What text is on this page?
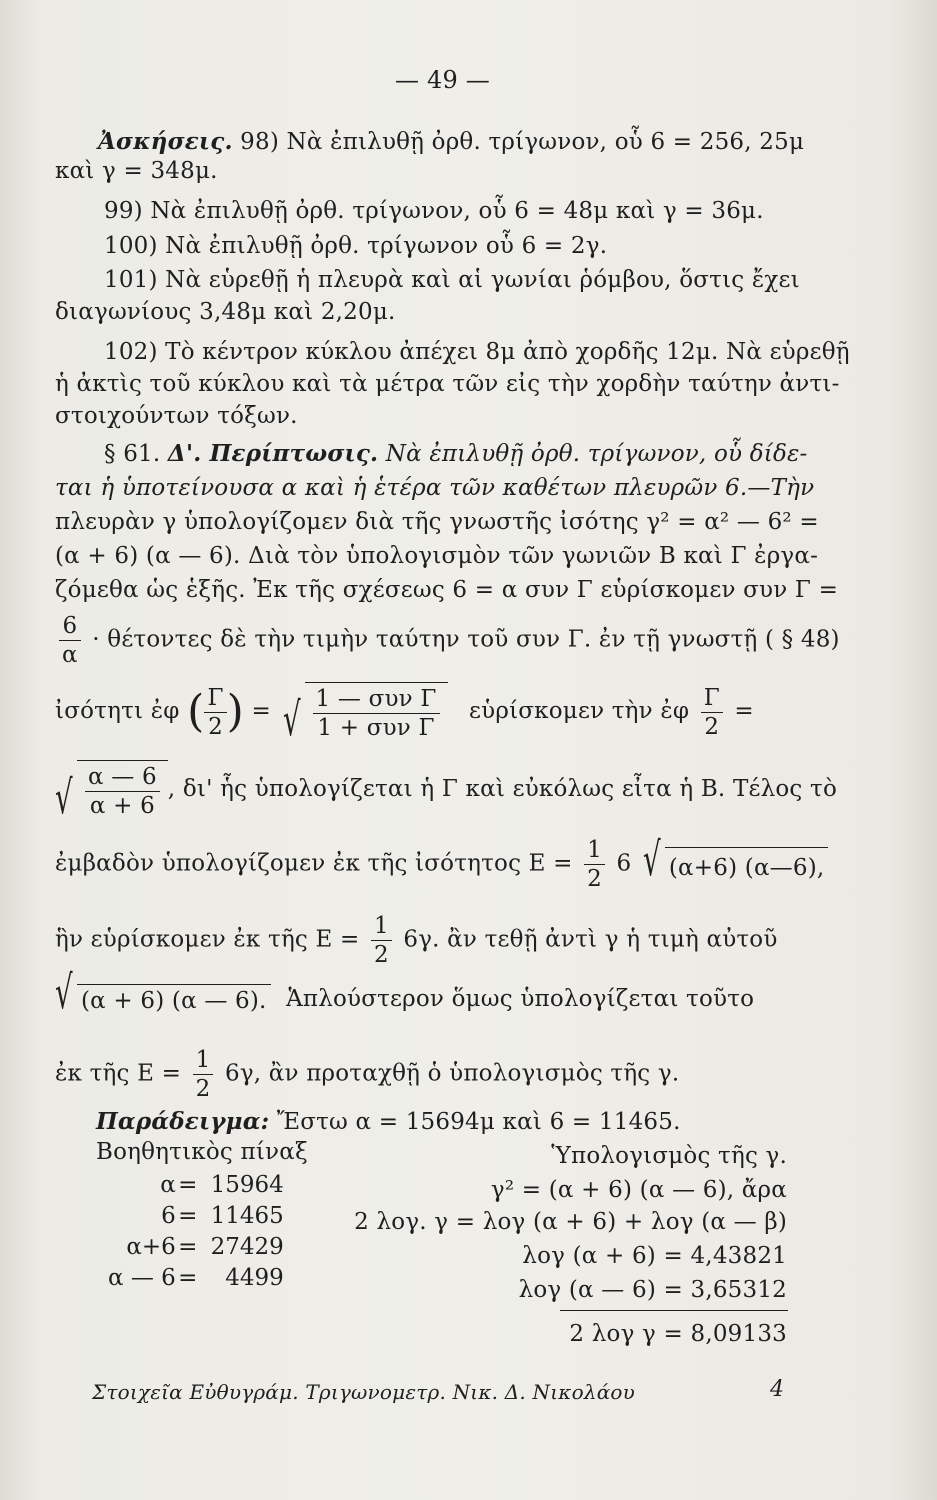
— 49 —
Ἀσκήσεις. 98) Νὰ ἐπιλυθῇ ὀρθ. τρίγωνον, οὗ 6 = 256, 25μ
καὶ γ = 348μ.
99) Νὰ ἐπιλυθῇ ὀρθ. τρίγωνον, οὗ 6 = 48μ καὶ γ = 36μ.
100) Νὰ ἐπιλυθῇ ὀρθ. τρίγωνον οὗ 6 = 2γ.
101) Νὰ εὑρεθῇ ἡ πλευρὰ καὶ αἱ γωνίαι ῥόμβου, ὅστις ἔχει
διαγωνίους 3,48μ καὶ 2,20μ.
102) Τὸ κέντρον κύκλου ἀπέχει 8μ ἀπὸ χορδῆς 12μ. Νὰ εὑρεθῇ
ἡ ἀκτὶς τοῦ κύκλου καὶ τὰ μέτρα τῶν εἰς τὴν χορδὴν ταύτην ἀντι-
στοιχούντων τόξων.
§ 61. Δ'. Περίπτωσις. Νὰ ἐπιλυθῇ ὀρθ. τρίγωνον, οὗ δίδε-
ται ἡ ὑποτείνουσα α καὶ ἡ ἑτέρα τῶν καθέτων πλευρῶν 6.—Τὴν
πλευρὰν γ ὑπολογίζομεν διὰ τῆς γνωστῆς ἰσότης γ² = α² — 6² =
(α + 6) (α — 6). Διὰ τὸν ὑπολογισμὸν τῶν γωνιῶν Β καὶ Γ ἐργα-
ζόμεθα ὡς ἑξῆς. Ἐκ τῆς σχέσεως 6 = α συν Γ εὑρίσκομεν συν Γ =
$\frac{6}{\alpha} \cdot \theta έ\tau o\nu\tau\varepsilon\varsigma$ δὲ τὴν τιμὴν ταύτην τοῦ συν Γ. ἐν τῇ γνωστῇ ( § 48)
ἰσότητι ἐφ ( $\frac{\Gamma}{2}$ ) = √ $\frac{\text{1 — συν Γ}}{\text{1 + συν Γ}}$ εὑρίσκομεν τὴν ἐφ $\frac{\Gamma}{2}$ =
√ $\frac{\alpha — 6}{\alpha + 6}$ , δι' ἧς ὑπολογίζεται ἡ Γ καὶ εὐκόλως εἶτα ἡ Β. Τέλος τὸ
ἐμβαδὸν ὑπολογίζομεν ἐκ τῆς ἰσότητος $E = \frac{1}{2} 6$ √ (α+6) (α—6),
ἣν εὑρίσκομεν ἐκ τῆς $E = \frac{1}{2} 6\gamma$. ἂν τεθῇ ἀντὶ γ ἡ τιμὴ αὐτοῦ
√ (α + 6) (α — 6). Ἁπλούστερον ὅμως ὑπολογίζεται τοῦτο
ἐκ τῆς $E = \frac{1}{2} 6\gamma$, ἂν προταχθῇ ὁ ὑπολογισμὸς τῆς γ.
Παράδειγμα: Ἔστω α = 15694μ καὶ 6 = 11465.
Βοηθητικὸς πίναξ
α	=	15964
6	=	11465
α+6	=	27429
α — 6	=	4499
Ὑπολογισμὸς τῆς γ.
γ² = (α + 6) (α — 6), ἄρα
2 λογ. γ = λογ (α + 6) + λογ (α — β)
λογ (α + 6) = 4,43821
λογ (α — 6) = 3,65312
2 λογ γ = 8,09133
Στοιχεῖα Εὐθυγράμ. Τριγωνομετρ. Νικ. Δ. Νικολάου	4
